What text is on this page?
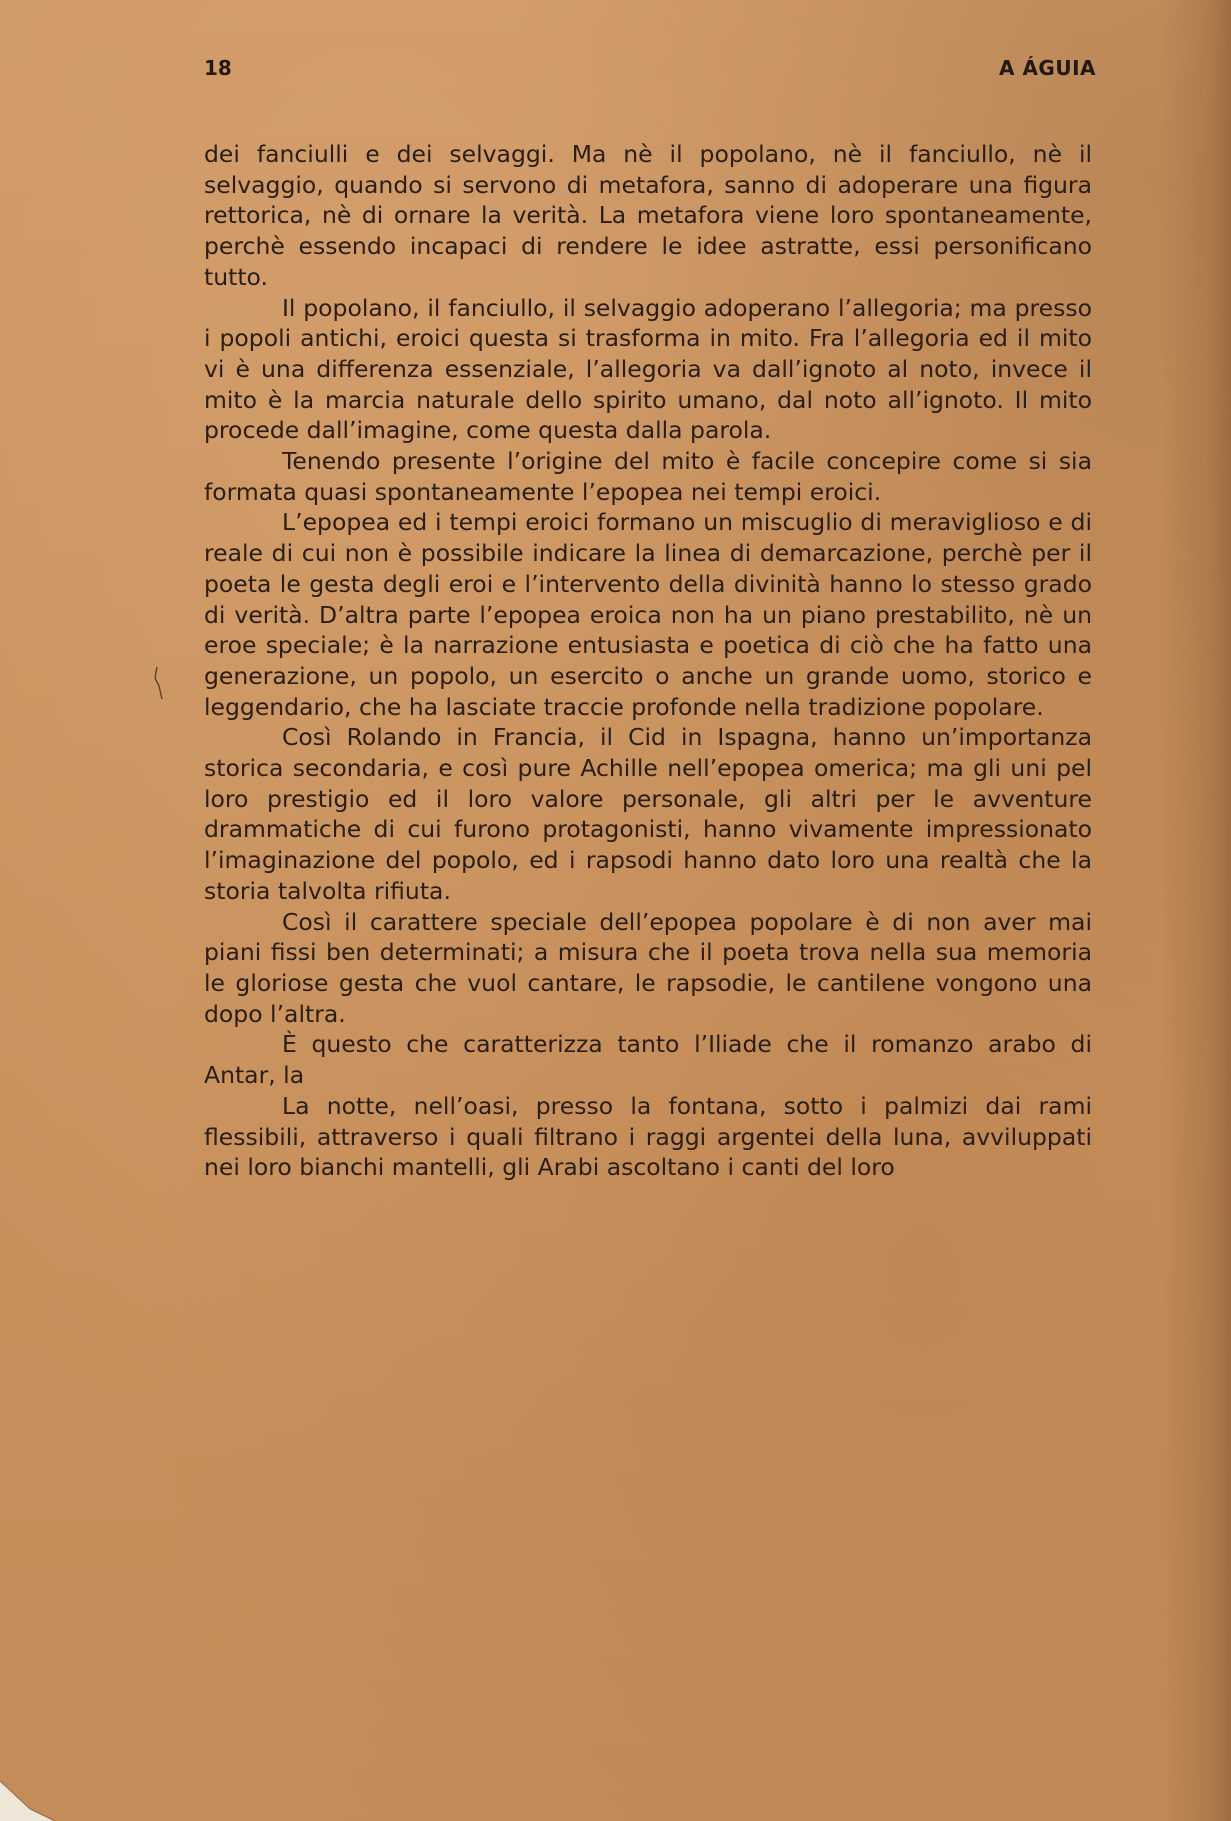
18	A ÁGUIA

dei fanciulli e dei selvaggi. Ma nè il popolano, nè il fanciullo, nè il selvaggio, quando si servono di metafora, sanno di adoperare una figura rettorica, nè di ornare la verità. La metafora viene loro spontaneamente, perchè essendo incapaci di rendere le idee astratte, essi personificano tutto.

Il popolano, il fanciullo, il selvaggio adoperano l’allegoria; ma presso i popoli antichi, eroici questa si trasforma in mito. Fra l’allegoria ed il mito vi è una differenza essenziale, l’allegoria va dall’ignoto al noto, invece il mito è la marcia naturale dello spirito umano, dal noto all’ignoto. Il mito procede dall’imagine, come questa dalla parola.

Tenendo presente l’origine del mito è facile concepire come si sia formata quasi spontaneamente l’epopea nei tempi eroici.

L’epopea ed i tempi eroici formano un miscuglio di meraviglioso e di reale di cui non è possibile indicare la linea di demarcazione, perchè per il poeta le gesta degli eroi e l’intervento della divinità hanno lo stesso grado di verità. D’altra parte l’epopea eroica non ha un piano prestabilito, nè un eroe speciale; è la narrazione entusiasta e poetica di ciò che ha fatto una generazione, un popolo, un esercito o anche un grande uomo, storico e leggendario, che ha lasciate traccie profonde nella tradizione popolare.

Così Rolando in Francia, il Cid in Ispagna, hanno un’importanza storica secondaria, e così pure Achille nell’epopea omerica; ma gli uni pel loro prestigio ed il loro valore personale, gli altri per le avventure drammatiche di cui furono protagonisti, hanno vivamente impressionato l’imaginazione del popolo, ed i rapsodi hanno dato loro una realtà che la storia talvolta rifiuta.

Così il carattere speciale dell’epopea popolare è di non aver mai piani fissi ben determinati; a misura che il poeta trova nella sua memoria le gloriose gesta che vuol cantare, le rapsodie, le cantilene vongono una dopo l’altra.

È questo che caratterizza tanto l’Iliade che il romanzo arabo di Antar, la

La notte, nell’oasi, presso la fontana, sotto i palmizi dai rami flessibili, attraverso i quali filtrano i raggi argentei della luna, avviluppati nei loro bianchi mantelli, gli Arabi ascoltano i canti del loro
